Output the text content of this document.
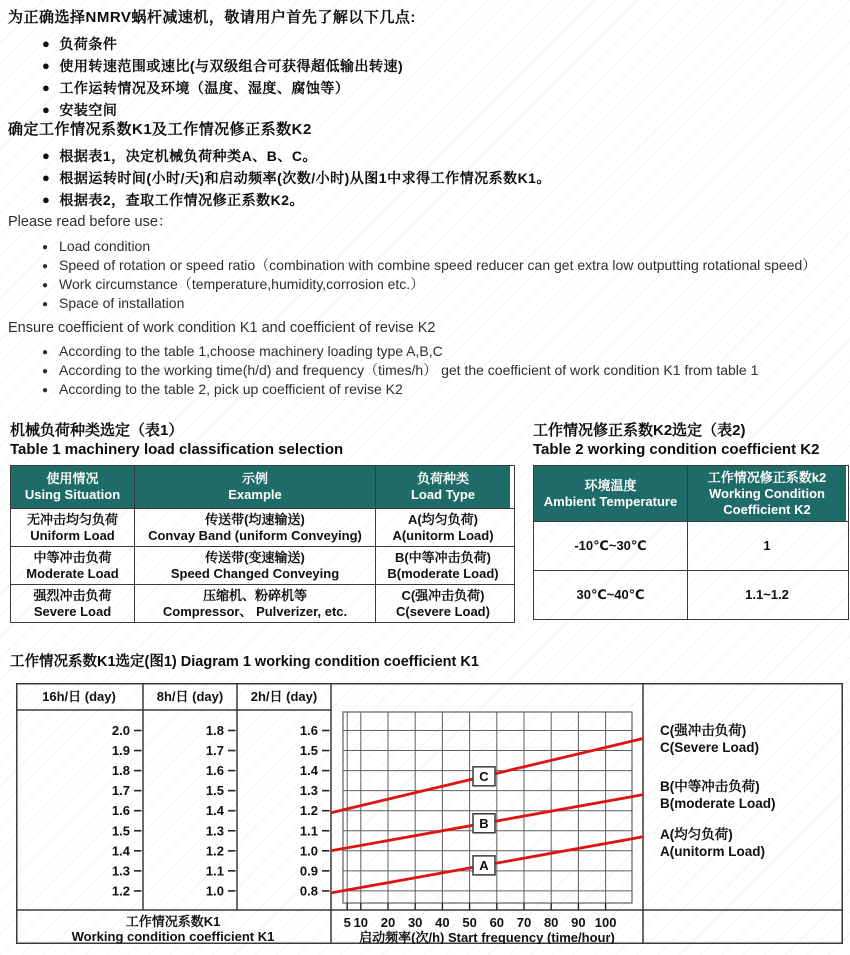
为正确选择NMRV蜗杆减速机，敬请用户首先了解以下几点:
● 负荷条件
● 使用转速范围或速比(与双级组合可获得超低输出转速)
● 工作运转情况及环境（温度、湿度、腐蚀等）
● 安装空间
确定工作情况系数K1及工作情况修正系数K2
● 根据表1，决定机械负荷种类A、B、C。
● 根据运转时间(小时/天)和启动频率(次数/小时)从图1中求得工作情况系数K1。
● 根据表2，查取工作情况修正系数K2。
Please read before use：
● Load condition
● Speed of rotation or speed ratio（combination with combine speed reducer can get extra low outputting rotational speed）
● Work circumstance（temperature,humidity,corrosion etc.）
● Space of installation
Ensure coefficient of work condition K1 and coefficient of revise K2
● According to the table 1,choose machinery loading type A,B,C
● According to the working time(h/d) and frequency（times/h） get the coefficient of work condition K1 from table 1
● According to the table 2, pick up coefficient of revise K2
机械负荷种类选定（表1）
Table 1 machinery load classification selection
使用情况
Using Situation
示例
Example
负荷种类
Load Type
无冲击均匀负荷
Uniform Load
传送带(均速输送)
Convay Band (uniform Conveying)
A(均匀负荷)
A(unitorm Load)
中等冲击负荷
Moderate Load
传送带(变速输送)
Speed Changed Conveying
B(中等冲击负荷)
B(moderate Load)
强烈冲击负荷
Severe Load
压缩机、粉碎机等
Compressor、 Pulverizer, etc.
C(强冲击负荷)
C(severe Load)
工作情况修正系数K2选定（表2)
Table 2 working condition coefficient K2
环境温度
Ambient Temperature
工作情况修正系数k2
Working Condition
Coefficient K2
-10℃~30℃	1
30℃~40℃	1.1~1.2
工作情况系数K1选定(图1) Diagram 1 working condition coefficient K1
16h/日 (day)
2.0
1.9
1.8
1.7
1.6
1.5
1.4
1.3
1.2
8h/日 (day)
1.8
1.7
1.6
1.5
1.4
1.3
1.2
1.1
1.0
2h/日 (day)
1.6
1.5
1.4
1.3
1.2
1.1
1.0
0.9
0.8
C
B
A
C(强冲击负荷)
C(Severe Load)
B(中等冲击负荷)
B(moderate Load)
A(均匀负荷)
A(unitorm Load)
工作情况系数K1
Working condition coefficient K1
5 10 20 30 40 50 60 70 80 90 100
启动频率(次/h) Start frequency (time/hour)
